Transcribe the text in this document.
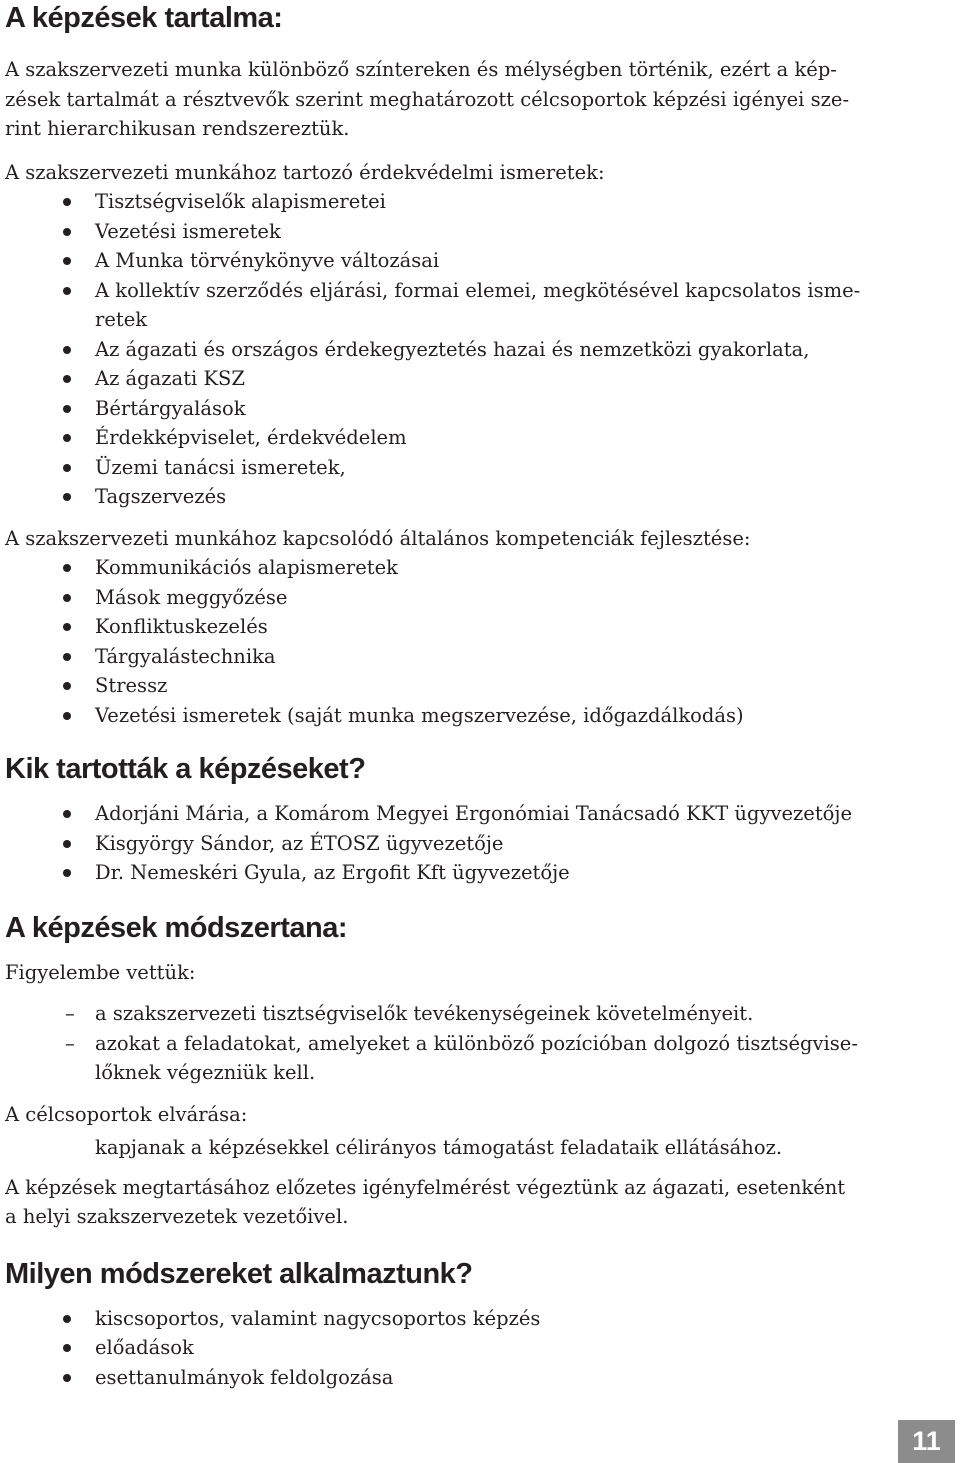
A képzések tartalma:

A szakszervezeti munka különböző színtereken és mélységben történik, ezért a kép-

zések tartalmát a résztvevők szerint meghatározott célcsoportok képzési igényei sze-

rint hierarchikusan rendszereztük.

A szakszervezeti munkához tartozó érdekvédelmi ismeretek:

Tisztségviselők alapismeretei
Vezetési ismeretek
A Munka törvénykönyve változásai
A kollektív szerződés eljárási, formai elemei, megkötésével kapcsolatos isme-
retek
Az ágazati és országos érdekegyeztetés hazai és nemzetközi gyakorlata,
Az ágazati KSZ
Bértárgyalások
Érdekképviselet, érdekvédelem
Üzemi tanácsi ismeretek,
Tagszervezés

A szakszervezeti munkához kapcsolódó általános kompetenciák fejlesztése:

Kommunikációs alapismeretek
Mások meggyőzése
Konfliktuskezelés
Tárgyalástechnika
Stressz
Vezetési ismeretek (saját munka megszervezése, időgazdálkodás)
Kik tartották a képzéseket?
Adorjáni Mária, a Komárom Megyei Ergonómiai Tanácsadó KKT ügyvezetője
Kisgyörgy Sándor, az ÉTOSZ ügyvezetője
Dr. Nemeskéri Gyula, az Ergofit Kft ügyvezetője
A képzések módszertana:

Figyelembe vettük:

– a szakszervezeti tisztségviselők tevékenységeinek követelményeit.
– azokat a feladatokat, amelyeket a különböző pozícióban dolgozó tisztségvise-
lőknek végezniük kell.

A célcsoportok elvárása:

kapjanak a képzésekkel célirányos támogatást feladataik ellátásához.

A képzések megtartásához előzetes igényfelmérést végeztünk az ágazati, esetenként

a helyi szakszervezetek vezetőivel.

Milyen módszereket alkalmaztunk?
kiscsoportos, valamint nagycsoportos képzés
előadások
esettanulmányok feldolgozása
11
